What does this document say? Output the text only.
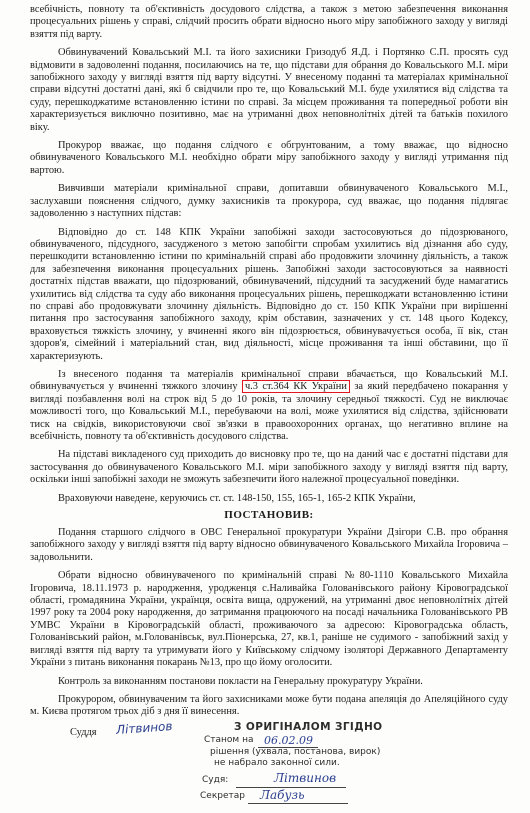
всебічність, повноту та об'єктивність досудового слідства, а також з метою забезпечення виконання процесуальних рішень у справі, слідчий просить обрати відносно нього міру запобіжного заходу у вигляді взяття під варту.

Обвинувачений Ковальський М.І. та його захисники Гризодуб Я.Д. і Портянко С.П. просять суд відмовити в задоволенні подання, посилаючись на те, що підстави для обрання до Ковальського М.І. міри запобіжного заходу у вигляді взяття під варту відсутні. У внесеному поданні та матеріалах кримінальної справи відсутні достатні дані, які б свідчили про те, що Ковальський М.І. буде ухилятися від слідства та суду, перешкоджатиме встановленню істини по справі. За місцем проживання та попередньої роботи він характеризується виключно позитивно, має на утриманні двох неповнолітніх дітей та батьків похилого віку.

Прокурор вважає, що подання слідчого є обгрунтованим, а тому вважає, що відносно обвинуваченого Ковальського М.І. необхідно обрати міру запобіжного заходу у вигляді утримання під вартою.

Вивчивши матеріали кримінальної справи, допитавши обвинуваченого Ковальського М.І., заслухавши пояснення слідчого, думку захисників та прокурора, суд вважає, що подання підлягає задоволенню з наступних підстав:

Відповідно до ст. 148 КПК України запобіжні заходи застосовуються до підозрюваного, обвинуваченого, підсудного, засудженого з метою запобігти спробам ухилитись від дізнання або суду, перешкодити встановленню істини по кримінальній справі або продовжити злочинну діяльність, а також для забезпечення виконання процесуальних рішень. Запобіжні заходи застосовуються за наявності достатніх підстав вважати, що підозрюваний, обвинувачений, підсудний та засуджений буде намагатись ухилитись від слідства та суду або виконання процесуальних рішень, перешкоджати встановленню істини по справі або продовжувати злочинну діяльність. Відповідно до ст. 150 КПК України при вирішенні питання про застосування запобіжного заходу, крім обставин, зазначених у ст. 148 цього Кодексу, враховується тяжкість злочину, у вчиненні якого він підозрюється, обвинувачується особа, її вік, стан здоров'я, сімейний і матеріальний стан, вид діяльності, місце проживання та інші обставини, що її характеризують.

Із внесеного подання та матеріалів кримінальної справи вбачається, що Ковальський М.І. обвинувачується у вчиненні тяжкого злочину ч.3 ст.364 КК України за який передбачено покарання у вигляді позбавлення волі на строк від 5 до 10 років, та злочину середньої тяжкості. Суд не виключає можливості того, що Ковальський М.І., перебуваючи на волі, може ухилятися від слідства, здійснювати тиск на свідків, використовуючи свої зв'язки в правоохоронних органах, що негативно вплине на всебічність, повноту та об'єктивність досудового слідства.

На підставі викладеного суд приходить до висновку про те, що на даний час є достатні підстави для застосування до обвинуваченого Ковальського М.І. міри запобіжного заходу у вигляді взяття під варту, оскільки інші запобіжні заходи не зможуть забезпечити його належної процесуальної поведінки.

Враховуючи наведене, керуючись ст. ст. 148-150, 155, 165-1, 165-2 КПК України,

ПОСТАНОВИВ:

Подання старшого слідчого в ОВС Генеральної прокуратури України Дзігори С.В. про обрання запобіжного заходу у вигляді взяття під варту відносно обвинуваченого Ковальського Михайла Ігоровича – задовольнити.

Обрати відносно обвинуваченого по кримінальній справі №80-1110 Ковальського Михайла Ігоровича, 18.11.1973 р. народження, уродженця с.Наливайка Голованівського району Кіровоградської області, громадянина України, українця, освіта вища, одружений, на утриманні двоє неповнолітніх дітей 1997 року та 2004 року народження, до затримання працюючого на посаді начальника Голованівського РВ УМВС України в Кіровоградській області, проживаючого за адресою: Кіровоградська область, Голованівський район, м.Голованівськ, вул.Піонерська, 27, кв.1, раніше не судимого - запобіжний захід у вигляді взяття під варту та утримувати його у Київському слідчому ізоляторі Державного Департаменту України з питань виконання покарань №13, про що йому оголосити.

Контроль за виконанням постанови покласти на Генеральну прокуратуру України.

Прокурором, обвинуваченим та його захисниками може бути подана апеляція до Апеляційного суду м. Києва протягом трьох діб з дня її винесення.

Суддя Літвинов	З ОРИГІНАЛОМ ЗГІДНО
Станом на 06.02.09
рішення (ухвала, постанова, вирок)
не набрало законної сили.
Судя:	Літвинов
Секретар Лабузь
